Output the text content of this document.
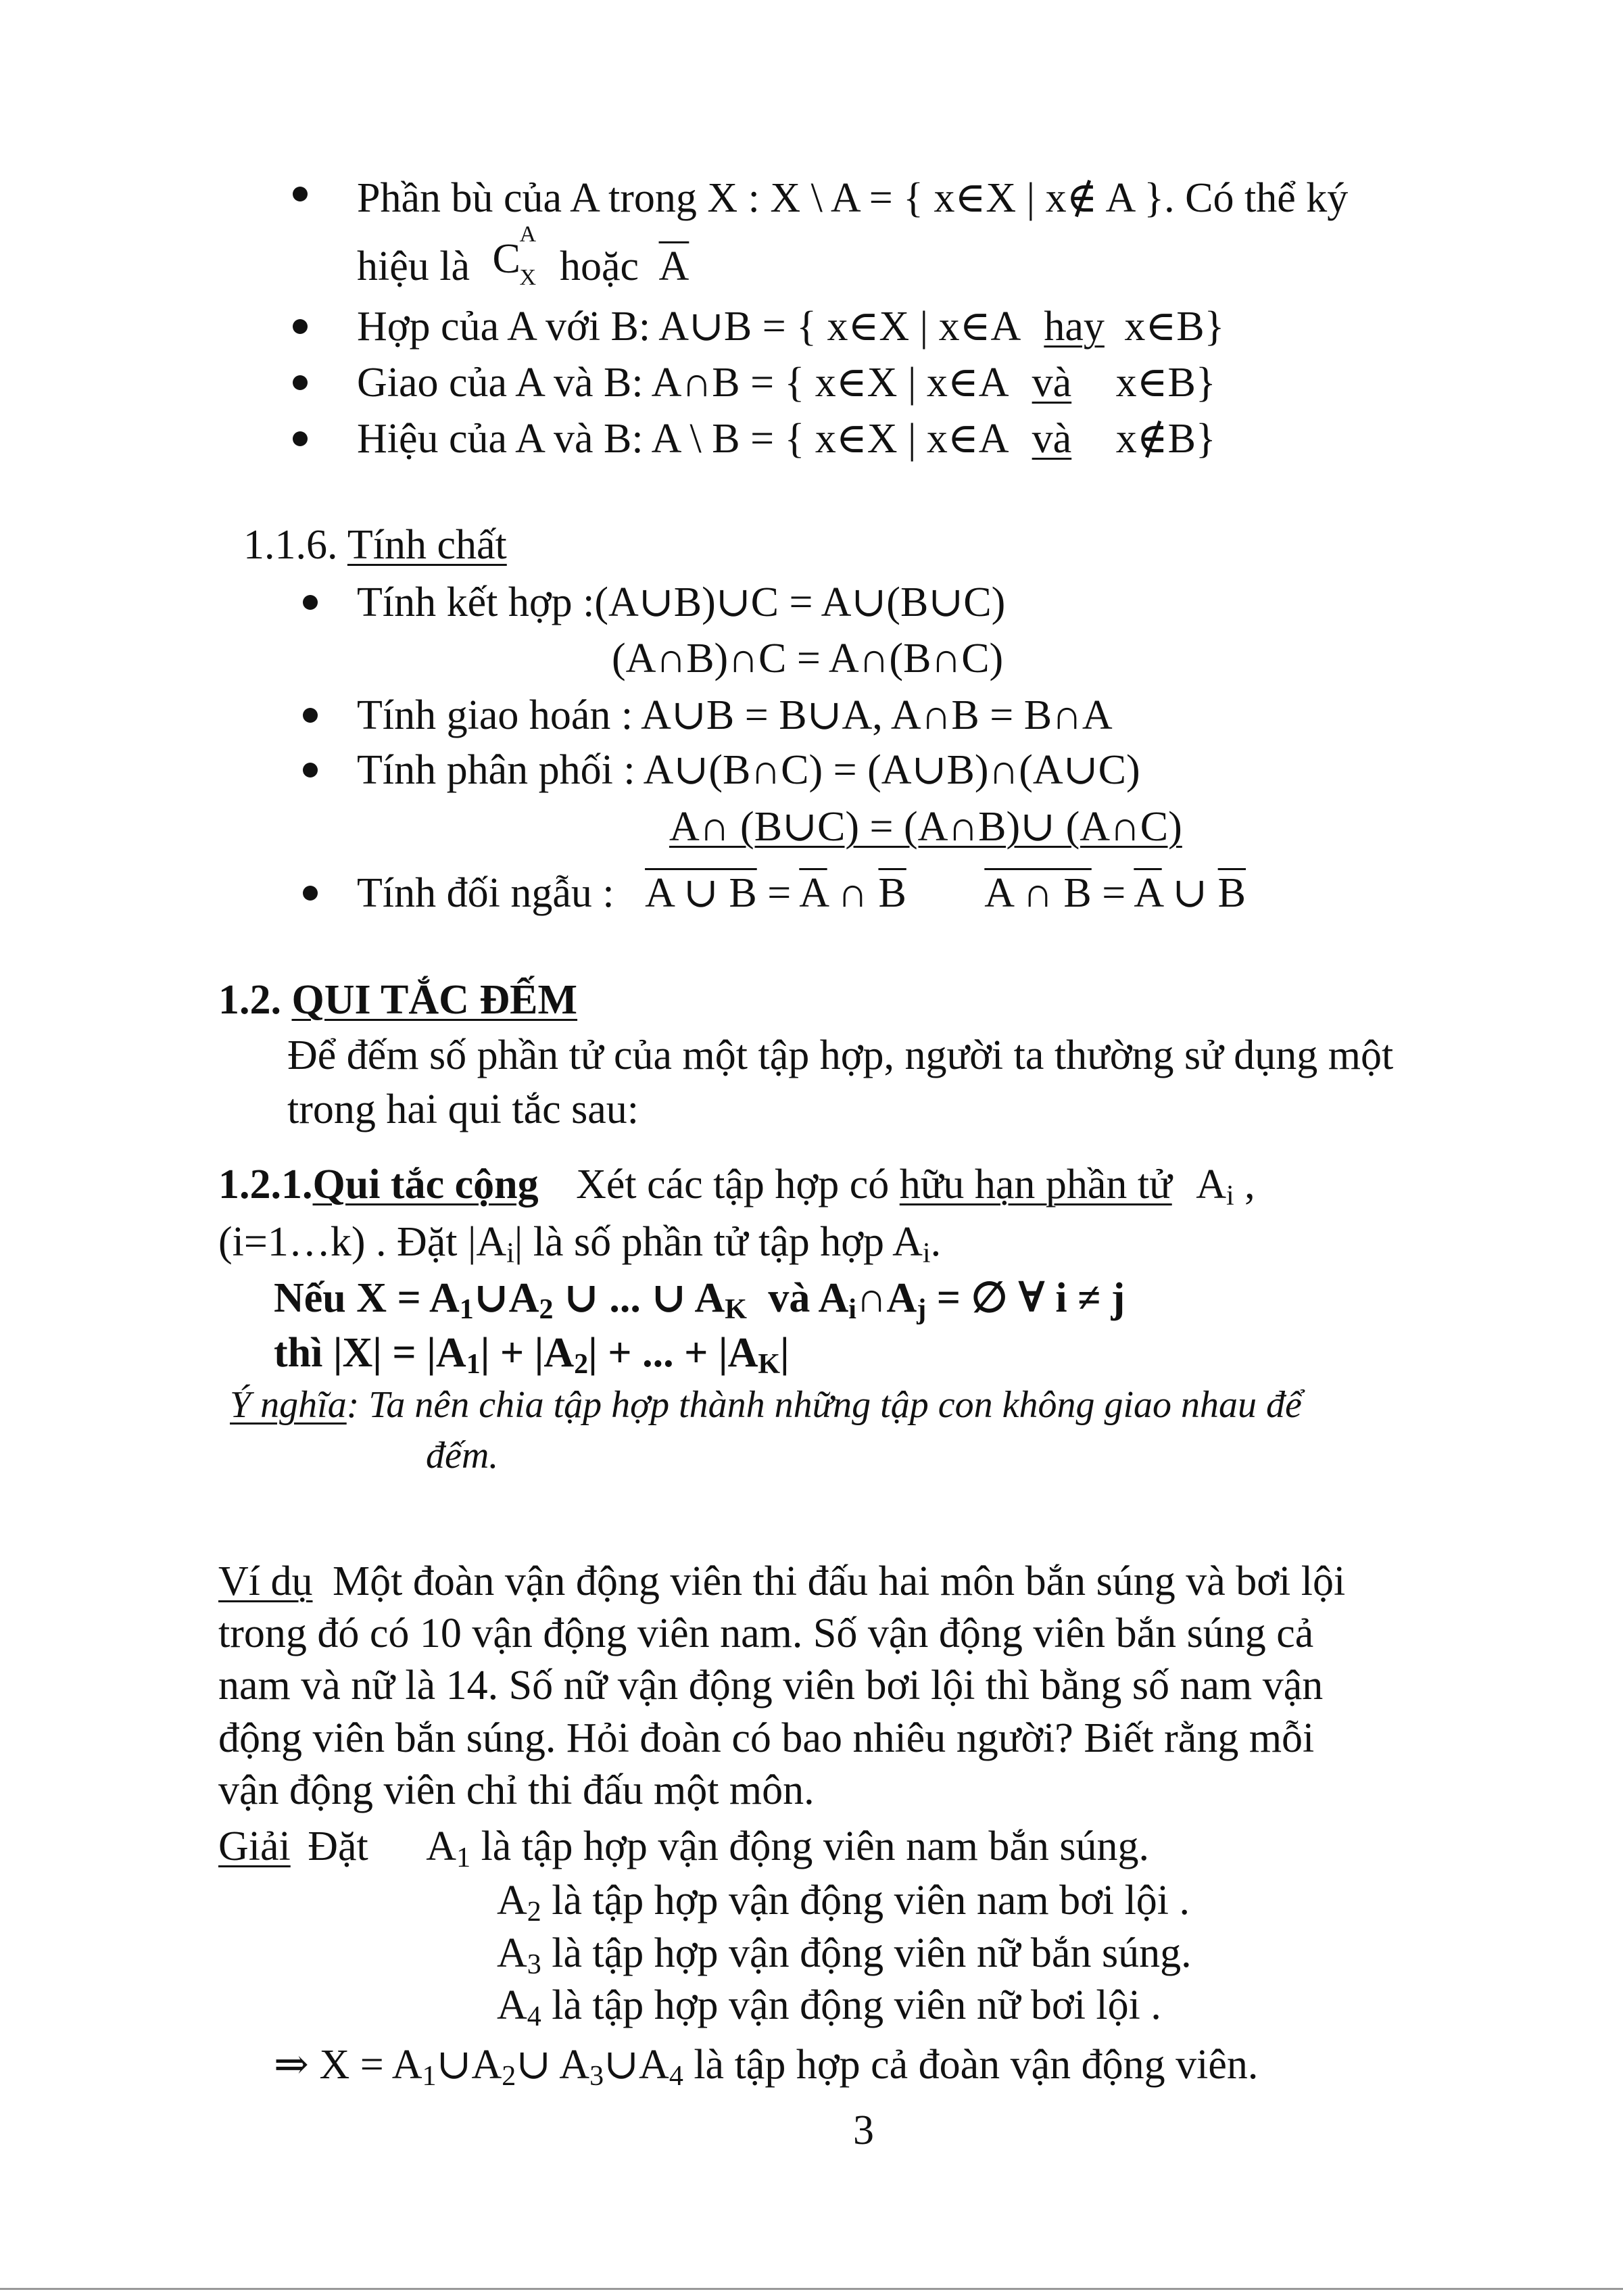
Phần bù của A trong X : X \ A = { x∈X | x∉ A }. Có thể ký
hiệu là C
A
X hoặc $\overline{A}$
Hợp của A với B: A∪B = { x∈X | x∈A hay x∈B}
Giao của A và B: A∩B = { x∈X | x∈A và x∈B}
Hiệu của A và B: A \ B = { x∈X | x∈A và x∉B}
1.1.6. Tính chất
Tính kết hợp :(A∪B)∪C = A∪(B∪C)
(A∩B)∩C = A∩(B∩C)
Tính giao hoán : A∪B = B∪A, A∩B = B∩A
Tính phân phối : A∪(B∩C) = (A∪B)∩(A∪C)
A∩ (B∪C) = (A∩B)∪ (A∩C)
Tính đối ngẫu : A ∪ $B = \overline{A}$ ∩ $\overline{B}$ A ∩ $B = \overline{A}$ ∪ $\overline{B}$
1.2. QUI TẮC ĐẾM
Để đếm số phần tử của một tập hợp, người ta thường sử dụng một
trong hai qui tắc sau:
1.2.1.Qui tắc cộng Xét các tập hợp có hữu hạn phần tử Ai ,
(i=1…k) . Đặt |Ai| là số phần tử tập hợp Ai.
Nếu X = A1∪A2 ∪ ... ∪ AK và Ai∩Aj = ∅ ∀ i ≠ j
thì |X| = |A1| + |A2| + ... + |AK|
Ý nghĩa: Ta nên chia tập hợp thành những tập con không giao nhau để
đếm.
Ví dụ Một đoàn vận động viên thi đấu hai môn bắn súng và bơi lội
trong đó có 10 vận động viên nam. Số vận động viên bắn súng cả
nam và nữ là 14. Số nữ vận động viên bơi lội thì bằng số nam vận
động viên bắn súng. Hỏi đoàn có bao nhiêu người? Biết rằng mỗi
vận động viên chỉ thi đấu một môn.
Giải Đặt A1 là tập hợp vận động viên nam bắn súng.
A2 là tập hợp vận động viên nam bơi lội .
A3 là tập hợp vận động viên nữ bắn súng.
A4 là tập hợp vận động viên nữ bơi lội .
⇒ X = A1∪A2∪ A3∪A4 là tập hợp cả đoàn vận động viên.
3
